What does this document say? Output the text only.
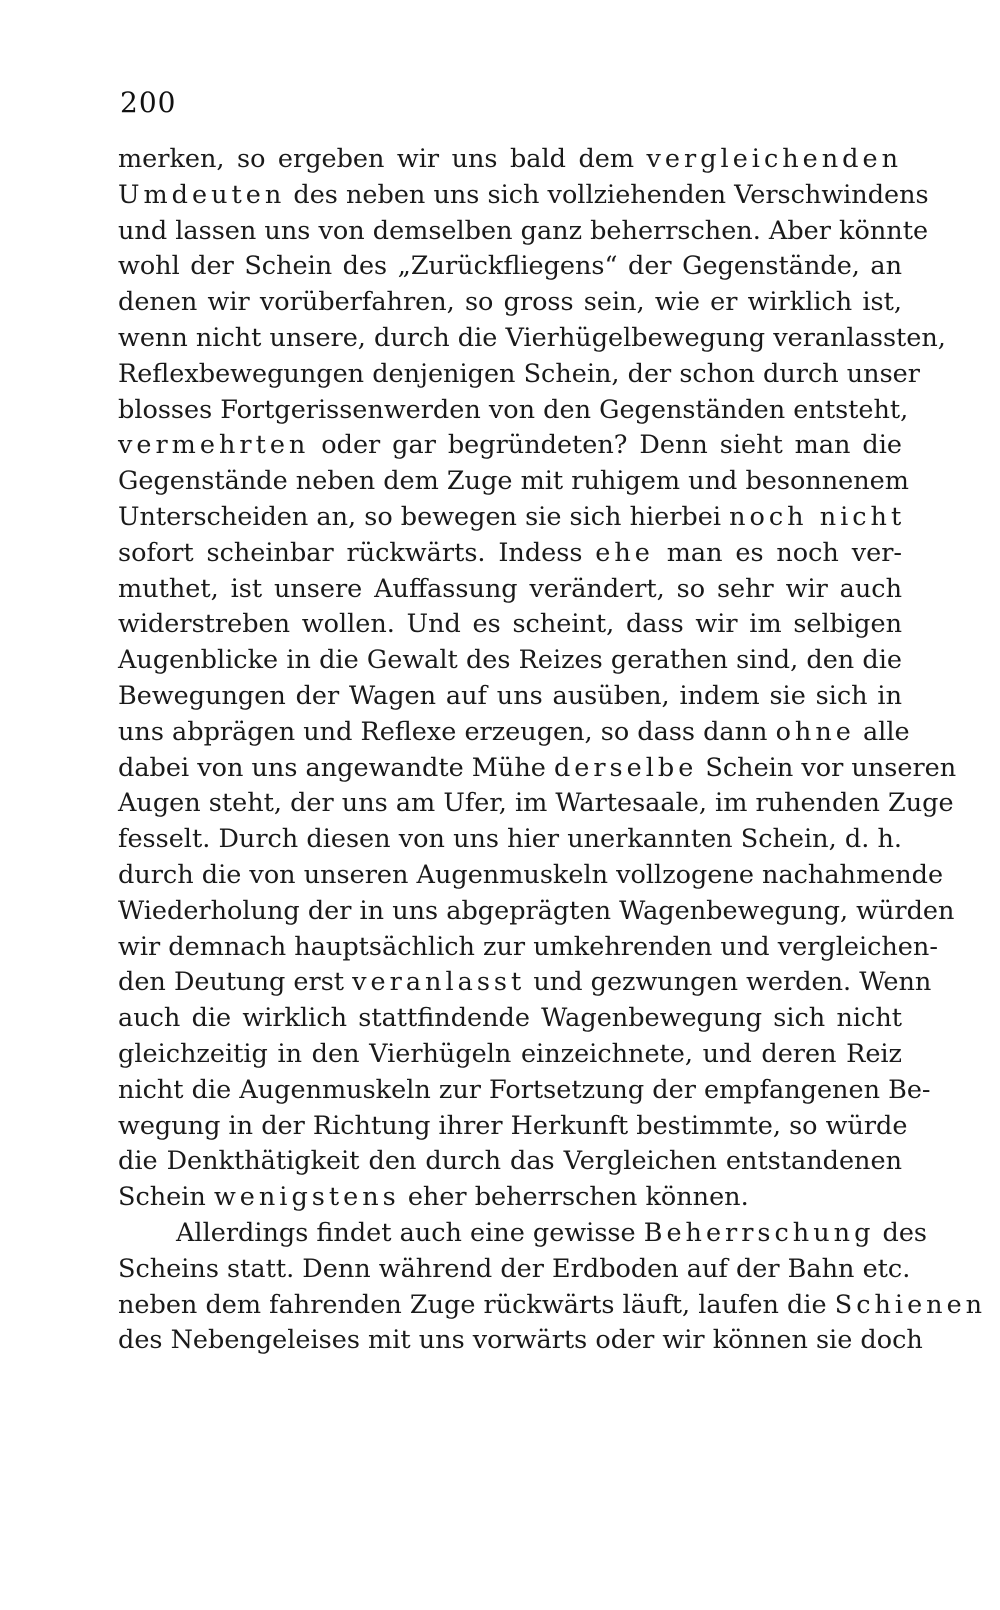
200
merken, so ergeben wir uns bald dem vergleichenden
Umdeuten des neben uns sich vollziehenden Verschwindens
und lassen uns von demselben ganz beherrschen. Aber könnte
wohl der Schein des „Zurückfliegens“ der Gegenstände, an
denen wir vorüberfahren, so gross sein, wie er wirklich ist,
wenn nicht unsere, durch die Vierhügelbewegung veranlassten,
Reflexbewegungen denjenigen Schein, der schon durch unser
blosses Fortgerissenwerden von den Gegenständen entsteht,
vermehrten oder gar begründeten? Denn sieht man die
Gegenstände neben dem Zuge mit ruhigem und besonnenem
Unterscheiden an, so bewegen sie sich hierbei noch nicht
sofort scheinbar rückwärts. Indess ehe man es noch ver-
muthet, ist unsere Auffassung verändert, so sehr wir auch
widerstreben wollen. Und es scheint, dass wir im selbigen
Augenblicke in die Gewalt des Reizes gerathen sind, den die
Bewegungen der Wagen auf uns ausüben, indem sie sich in
uns abprägen und Reflexe erzeugen, so dass dann ohne alle
dabei von uns angewandte Mühe derselbe Schein vor unseren
Augen steht, der uns am Ufer, im Wartesaale, im ruhenden Zuge
fesselt. Durch diesen von uns hier unerkannten Schein, d. h.
durch die von unseren Augenmuskeln vollzogene nachahmende
Wiederholung der in uns abgeprägten Wagenbewegung, würden
wir demnach hauptsächlich zur umkehrenden und vergleichen-
den Deutung erst veranlasst und gezwungen werden. Wenn
auch die wirklich stattfindende Wagenbewegung sich nicht
gleichzeitig in den Vierhügeln einzeichnete, und deren Reiz
nicht die Augenmuskeln zur Fortsetzung der empfangenen Be-
wegung in der Richtung ihrer Herkunft bestimmte, so würde
die Denkthätigkeit den durch das Vergleichen entstandenen
Schein wenigstens eher beherrschen können.
Allerdings findet auch eine gewisse Beherrschung des
Scheins statt. Denn während der Erdboden auf der Bahn etc.
neben dem fahrenden Zuge rückwärts läuft, laufen die Schienen
des Nebengeleises mit uns vorwärts oder wir können sie doch
